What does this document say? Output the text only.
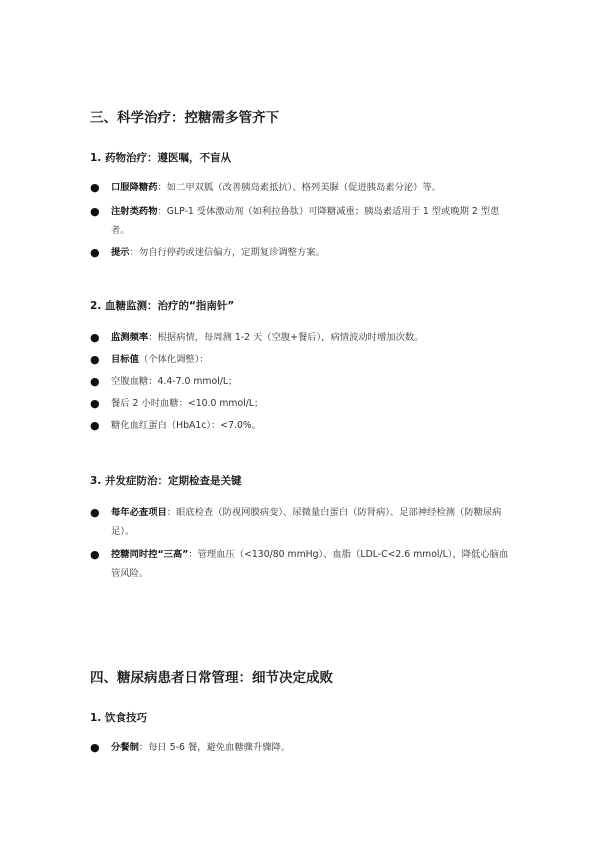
三、科学治疗：控糖需多管齐下
1. 药物治疗：遵医嘱，不盲从
●	口服降糖药：如二甲双胍（改善胰岛素抵抗）、格列美脲（促进胰岛素分泌）等。
●	注射类药物：GLP-1 受体激动剂（如利拉鲁肽）可降糖减重；胰岛素适用于 1 型或晚期 2 型患者。
●	提示：勿自行停药或迷信偏方，定期复诊调整方案。
2. 血糖监测：治疗的“指南针”
●	监测频率：根据病情，每周测 1-2 天（空腹+餐后），病情波动时增加次数。
●	目标值（个体化调整）：
●	空腹血糖：4.4-7.0 mmol/L；
●	餐后 2 小时血糖：<10.0 mmol/L；
●	糖化血红蛋白（HbA1c）：<7.0%。
3. 并发症防治：定期检查是关键
●	每年必查项目：眼底检查（防视网膜病变）、尿微量白蛋白（防肾病）、足部神经检测（防糖尿病足）。
●	控糖同时控“三高”：管理血压（<130/80 mmHg）、血脂（LDL-C<2.6 mmol/L），降低心脑血管风险。
四、糖尿病患者日常管理：细节决定成败
1. 饮食技巧
●	分餐制：每日 5-6 餐，避免血糖骤升骤降。
